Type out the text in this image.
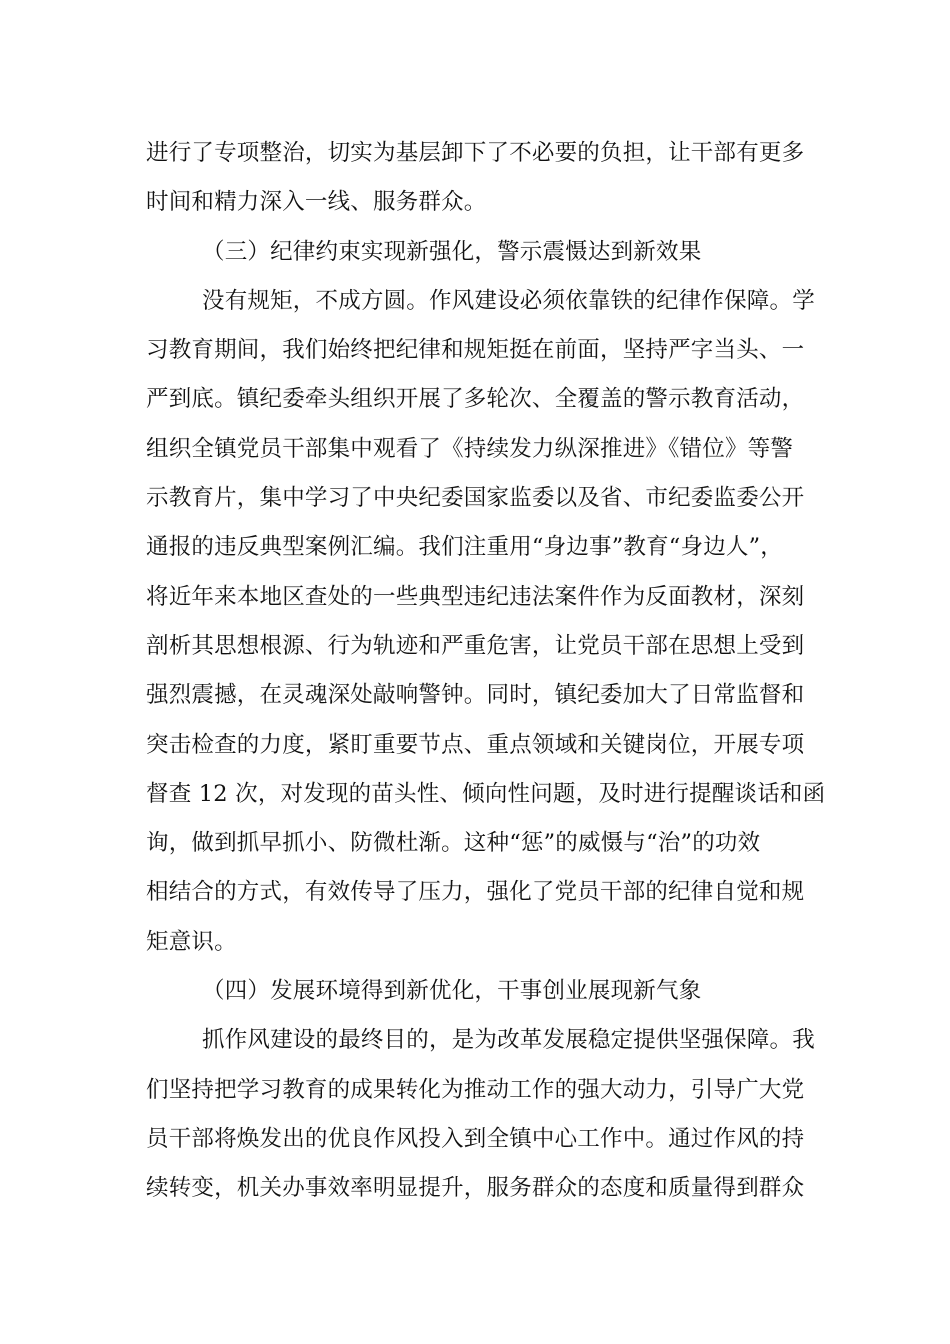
进行了专项整治，切实为基层卸下了不必要的负担，让干部有更多
时间和精力深入一线、服务群众。
（三）纪律约束实现新强化，警示震慑达到新效果
没有规矩，不成方圆。作风建设必须依靠铁的纪律作保障。学
习教育期间，我们始终把纪律和规矩挺在前面，坚持严字当头、一
严到底。镇纪委牵头组织开展了多轮次、全覆盖的警示教育活动，
组织全镇党员干部集中观看了《持续发力纵深推进》《错位》等警
示教育片，集中学习了中央纪委国家监委以及省、市纪委监委公开
通报的违反典型案例汇编。我们注重用“身边事”教育“身边人”，
将近年来本地区查处的一些典型违纪违法案件作为反面教材，深刻
剖析其思想根源、行为轨迹和严重危害，让党员干部在思想上受到
强烈震撼，在灵魂深处敲响警钟。同时，镇纪委加大了日常监督和
突击检查的力度，紧盯重要节点、重点领域和关键岗位，开展专项
督查 12 次，对发现的苗头性、倾向性问题，及时进行提醒谈话和函
询，做到抓早抓小、防微杜渐。这种“惩”的威慑与“治”的功效
相结合的方式，有效传导了压力，强化了党员干部的纪律自觉和规
矩意识。
（四）发展环境得到新优化，干事创业展现新气象
抓作风建设的最终目的，是为改革发展稳定提供坚强保障。我
们坚持把学习教育的成果转化为推动工作的强大动力，引导广大党
员干部将焕发出的优良作风投入到全镇中心工作中。通过作风的持
续转变，机关办事效率明显提升，服务群众的态度和质量得到群众
